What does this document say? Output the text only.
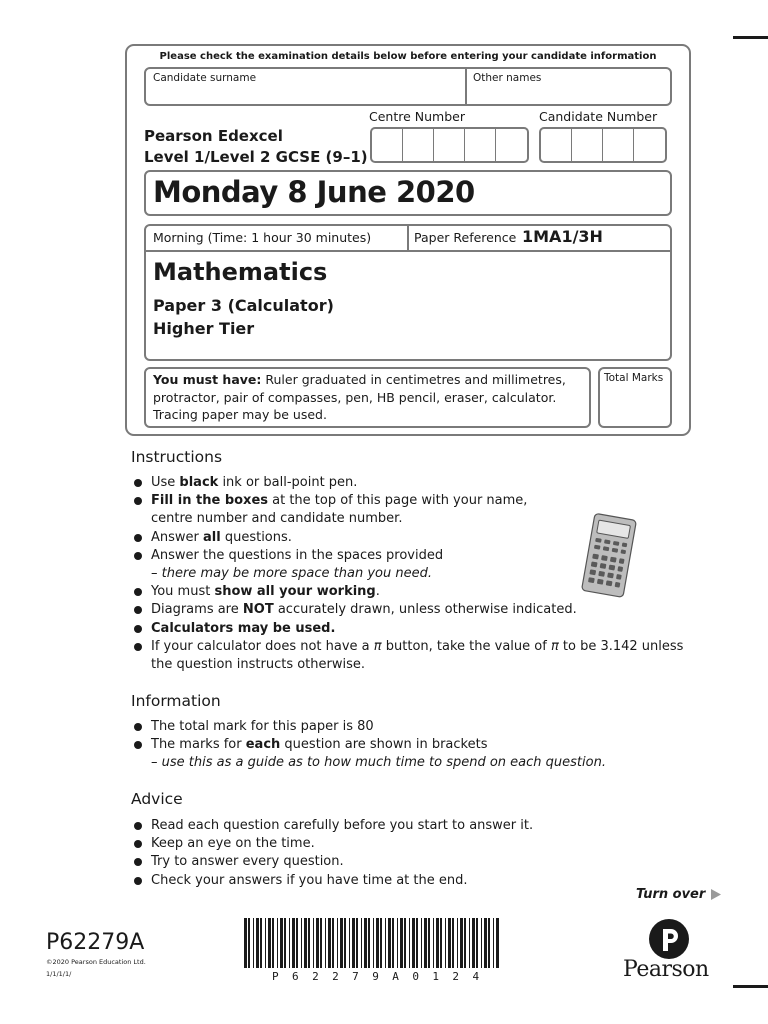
Please check the examination details below before entering your candidate information
Candidate surname	Other names
Centre Number	Candidate Number
Pearson Edexcel
Level 1/Level 2 GCSE (9–1)
Monday 8 June 2020
Morning (Time: 1 hour 30 minutes)	Paper Reference 1MA1/3H
Mathematics
Paper 3 (Calculator)
Higher Tier
You must have: Ruler graduated in centimetres and millimetres,
protractor, pair of compasses, pen, HB pencil, eraser, calculator.
Tracing paper may be used.
Total Marks
Instructions
Use black ink or ball-point pen.
Fill in the boxes at the top of this page with your name,
centre number and candidate number.
Answer all questions.
Answer the questions in the spaces provided
– there may be more space than you need.
You must show all your working.
Diagrams are NOT accurately drawn, unless otherwise indicated.
Calculators may be used.
If your calculator does not have a π button, take the value of π to be 3.142 unless
the question instructs otherwise.
Information
The total mark for this paper is 80
The marks for each question are shown in brackets
– use this as a guide as to how much time to spend on each question.
Advice
Read each question carefully before you start to answer it.
Keep an eye on the time.
Try to answer every question.
Check your answers if you have time at the end.
Turn over
P62279A
©2020 Pearson Education Ltd.
1/1/1/1/	P 6 2 2 7 9 A 0 1 2 4	Pearson
